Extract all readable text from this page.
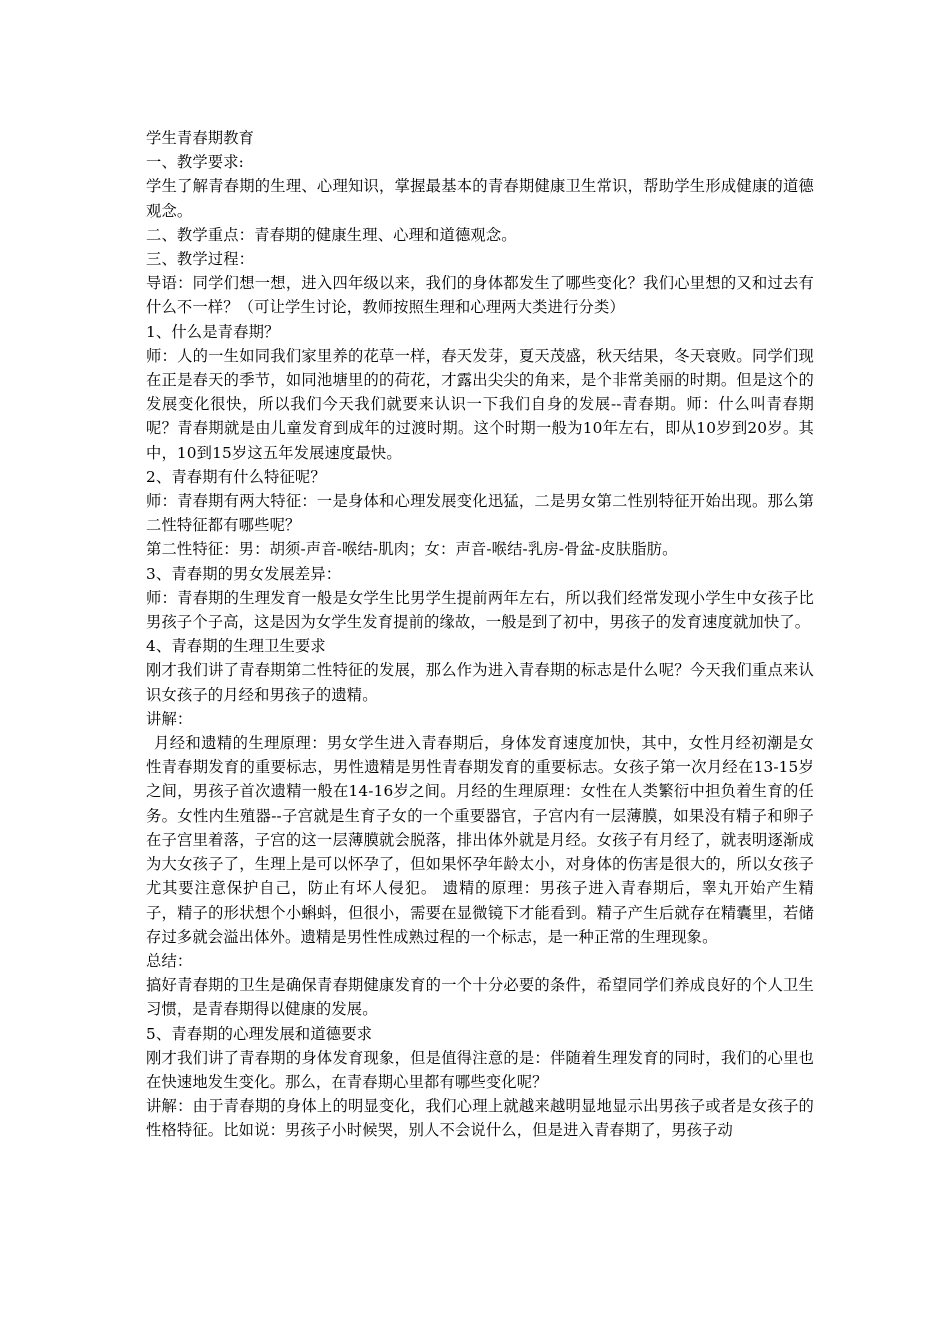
学生青春期教育

一、教学要求:

学生了解青春期的生理、心理知识，掌握最基本的青春期健康卫生常识，帮助学生形成健康的道德观念。

二、教学重点：青春期的健康生理、心理和道德观念。

三、教学过程：

导语：同学们想一想，进入四年级以来，我们的身体都发生了哪些变化？我们心里想的又和过去有什么不一样？（可让学生讨论，教师按照生理和心理两大类进行分类）

1、什么是青春期？

师：人的一生如同我们家里养的花草一样，春天发芽，夏天茂盛，秋天结果，冬天衰败。同学们现在正是春天的季节，如同池塘里的的荷花，才露出尖尖的角来，是个非常美丽的时期。但是这个的发展变化很快，所以我们今天我们就要来认识一下我们自身的发展--青春期。师：什么叫青春期呢？青春期就是由儿童发育到成年的过渡时期。这个时期一般为10年左右，即从10岁到20岁。其中，10到15岁这五年发展速度最快。

2、青春期有什么特征呢？

师：青春期有两大特征：一是身体和心理发展变化迅猛，二是男女第二性别特征开始出现。那么第二性特征都有哪些呢？

第二性特征：男：胡须-声音-喉结-肌肉；女：声音-喉结-乳房-骨盆-皮肤脂肪。

3、青春期的男女发展差异：

师：青春期的生理发育一般是女学生比男学生提前两年左右，所以我们经常发现小学生中女孩子比男孩子个子高，这是因为女学生发育提前的缘故，一般是到了初中，男孩子的发育速度就加快了。

4、青春期的生理卫生要求

刚才我们讲了青春期第二性特征的发展，那么作为进入青春期的标志是什么呢？今天我们重点来认识女孩子的月经和男孩子的遗精。

讲解：

月经和遗精的生理原理：男女学生进入青春期后，身体发育速度加快，其中，女性月经初潮是女性青春期发育的重要标志，男性遗精是男性青春期发育的重要标志。女孩子第一次月经在13-15岁之间，男孩子首次遗精一般在14-16岁之间。月经的生理原理：女性在人类繁衍中担负着生育的任务。女性内生殖器--子宫就是生育子女的一个重要器官，子宫内有一层薄膜，如果没有精子和卵子在子宫里着落，子宫的这一层薄膜就会脱落，排出体外就是月经。女孩子有月经了，就表明逐渐成为大女孩子了，生理上是可以怀孕了，但如果怀孕年龄太小，对身体的伤害是很大的，所以女孩子尤其要注意保护自己，防止有坏人侵犯。 遗精的原理：男孩子进入青春期后，睾丸开始产生精子，精子的形状想个小蝌蚪，但很小，需要在显微镜下才能看到。精子产生后就存在精囊里，若储存过多就会溢出体外。遗精是男性性成熟过程的一个标志，是一种正常的生理现象。

总结：

搞好青春期的卫生是确保青春期健康发育的一个十分必要的条件，希望同学们养成良好的个人卫生习惯，是青春期得以健康的发展。

5、青春期的心理发展和道德要求

刚才我们讲了青春期的身体发育现象，但是值得注意的是：伴随着生理发育的同时，我们的心里也在快速地发生变化。那么，在青春期心里都有哪些变化呢？

讲解：由于青春期的身体上的明显变化，我们心理上就越来越明显地显示出男孩子或者是女孩子的性格特征。比如说：男孩子小时候哭，别人不会说什么，但是进入青春期了，男孩子动
